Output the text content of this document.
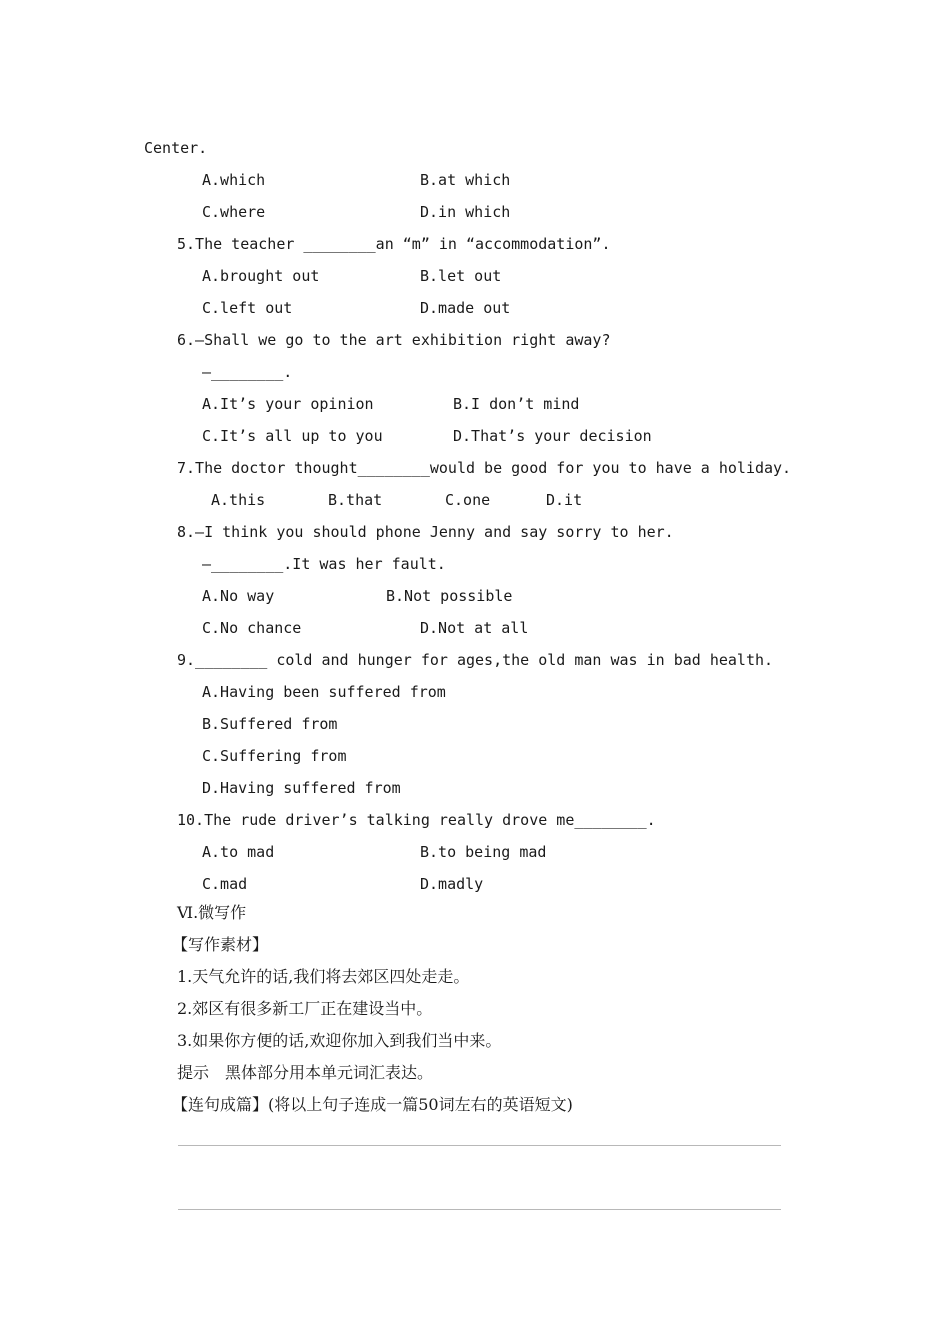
Center.
A.which	B.at which
C.where	D.in which
5.The teacher ________an “m” in “accommodation”.
A.brought out	B.let out
C.left out	D.made out
6.—Shall we go to the art exhibition right away?
—________.
A.It’s your opinion	B.I don’t mind
C.It’s all up to you	D.That’s your decision
7.The doctor thought________would be good for you to have a holiday.
A.this	B.that	C.one	D.it
8.—I think you should phone Jenny and say sorry to her.
—________.It was her fault.
A.No way	B.Not possible
C.No chance	D.Not at all
9.________ cold and hunger for ages,the old man was in bad health.
A.Having been suffered from
B.Suffered from
C.Suffering from
D.Having suffered from
10.The rude driver’s talking really drove me________.
A.to mad	B.to being mad
C.mad	D.madly
Ⅵ.微写作
【写作素材】
1.天气允许的话,我们将去郊区四处走走。
2.郊区有很多新工厂正在建设当中。
3.如果你方便的话,欢迎你加入到我们当中来。
提示　黑体部分用本单元词汇表达。
【连句成篇】(将以上句子连成一篇50词左右的英语短文)
